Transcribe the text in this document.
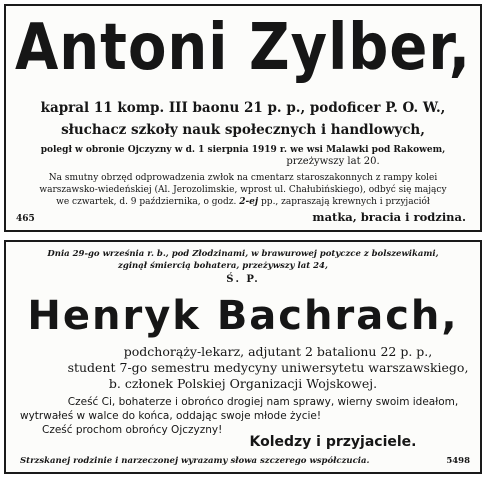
Antoni Zylber,
kapral 11 komp. III baonu 21 p. p., podoficer P. O. W.,
słuchacz szkoły nauk społecznych i handlowych,
poległ w obronie Ojczyzny w d. 1 sierpnia 1919 r. we wsi Malawki pod Rakowem,
przeżywszy lat 20.
Na smutny obrzęd odprowadzenia zwłok na cmentarz staroszakonnych z rampy kolei
warszawsko-wiedeńskiej (Al. Jerozolimskie, wprost ul. Chałubińskiego), odbyć się mający
we czwartek, d. 9 października, o godz. 2-ej pp., zapraszają krewnych i przyjaciół
465	matka, bracia i rodzina.
Dnia 29-go września r. b., pod Złodzinami, w brawurowej potyczce z bolszewikami,
zginął śmiercią bohatera, przeżywszy lat 24,
Ś. P.
Henryk Bachrach,
podchorąży-lekarz, adjutant 2 batalionu 22 p. p.,
student 7-go semestru medycyny uniwersytetu warszawskiego,
b. członek Polskiej Organizacji Wojskowej.
Cześć Ci, bohaterze i obrońco drogiej nam sprawy, wierny swoim ideałom,
wytrwałeś w walce do końca, oddając swoje młode życie!
Cześć prochom obrońcy Ojczyzny!
Koledzy i przyjaciele.
Strzskanej rodzinie i narzeczonej wyrazamy słowa szczerego współczucia.	5498
